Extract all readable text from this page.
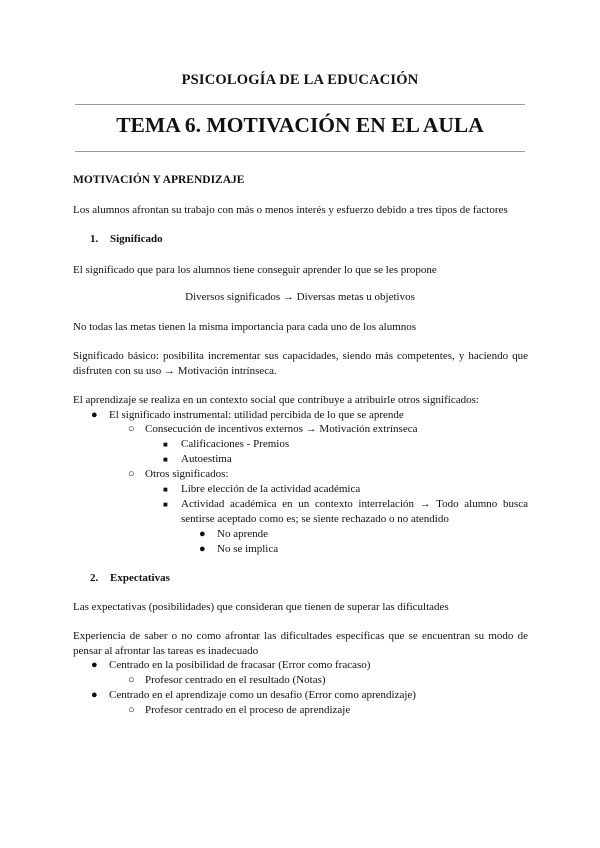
PSICOLOGÍA DE LA EDUCACIÓN
TEMA 6. MOTIVACIÓN EN EL AULA
MOTIVACIÓN Y APRENDIZAJE
Los alumnos afrontan su trabajo con más o menos interés y esfuerzo debido a tres tipos de factores
1. Significado
El significado que para los alumnos tiene conseguir aprender lo que se les propone
Diversos significados → Diversas metas u objetivos
No todas las metas tienen la misma importancia para cada uno de los alumnos
Significado básico: posibilita incrementar sus capacidades, siendo más competentes, y haciendo que disfruten con su uso → Motivación intrínseca.
El aprendizaje se realiza en un contexto social que contribuye a atribuirle otros significados:
● El significado instrumental: utilidad percibida de lo que se aprende
○ Consecución de incentivos externos → Motivación extrínseca
■ Calificaciones - Premios
■ Autoestima
○ Otros significados:
■ Libre elección de la actividad académica
■ Actividad académica en un contexto interrelación → Todo alumno busca sentirse aceptado como es; se siente rechazado o no atendido
● No aprende
● No se implica
2. Expectativas
Las expectativas (posibilidades) que consideran que tienen de superar las dificultades
Experiencia de saber o no como afrontar las dificultades específicas que se encuentran su modo de pensar al afrontar las tareas es inadecuado
● Centrado en la posibilidad de fracasar (Error como fracaso)
○ Profesor centrado en el resultado (Notas)
● Centrado en el aprendizaje como un desafío (Error como aprendizaje)
○ Profesor centrado en el proceso de aprendizaje
